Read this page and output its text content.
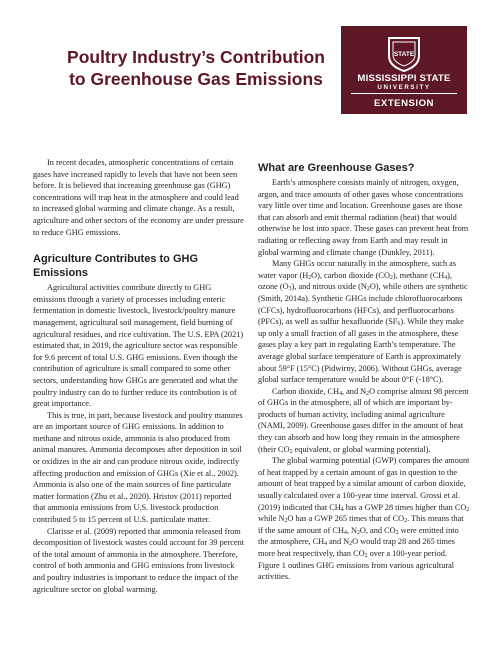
Poultry Industry’s Contribution
to Greenhouse Gas Emissions
STATE
MISSISSIPPI STATE
UNIVERSITY
EXTENSION

In recent decades, atmospheric concentrations of certain gases have increased rapidly to levels that have not been seen before. It is believed that increasing greenhouse gas (GHG) concentrations will trap heat in the atmosphere and could lead to increased global warming and climate change. As a result, agriculture and other sectors of the economy are under pressure to reduce GHG emissions.

Agriculture Contributes to GHG Emissions

Agricultural activities contribute directly to GHG emissions through a variety of processes including enteric fermentation in domestic livestock, livestock/poultry manure management, agricultural soil management, field burning of agricultural residues, and rice cultivation. The U.S. EPA (2021) estimated that, in 2019, the agriculture sector was responsible for 9.6 percent of total U.S. GHG emissions. Even though the contribution of agriculture is small compared to some other sectors, understanding how GHGs are generated and what the poultry industry can do to further reduce its contribution is of great importance.

This is true, in part, because livestock and poultry manures are an important source of GHG emissions. In addition to methane and nitrous oxide, ammonia is also produced from animal manures. Ammonia decomposes after deposition in soil or oxidizes in the air and can produce nitrous oxide, indirectly affecting production and emission of GHGs (Xie et al., 2002). Ammonia is also one of the main sources of fine particulate matter formation (Zhu et al., 2020). Hristov (2011) reported that ammonia emissions from U.S. livestock production contributed 5 to 15 percent of U.S. particulate matter.

Clarisse et al. (2009) reported that ammonia released from decomposition of livestock wastes could account for 39 percent of the total amount of ammonia in the atmosphere. Therefore, control of both ammonia and GHG emissions from livestock and poultry industries is important to reduce the impact of the agriculture sector on global warming.

What are Greenhouse Gases?

Earth’s atmosphere consists mainly of nitrogen, oxygen, argon, and trace amounts of other gases whose concentrations vary little over time and location. Greenhouse gases are those that can absorb and emit thermal radiation (heat) that would otherwise be lost into space. These gases can prevent heat from radiating or reflecting away from Earth and may result in global warming and climate change (Dunkley, 2011).

Many GHGs occur naturally in the atmosphere, such as water vapor $(H_2O)$, carbon dioxide $(CO_2)$, methane $(CH_4)$, ozone $(O_3)$, and nitrous oxide $(N_2O)$, while others are synthetic (Smith, 2014a). Synthetic GHGs include chlorofluorocarbons (CFCs), hydrofluorocarbons (HFCs), and perfluorocarbons (PFCs), as well as sulfur hexafluoride $(SF_6)$. While they make up only a small fraction of all gases in the atmosphere, these gases play a key part in regulating Earth’s temperature. The average global surface temperature of Earth is approximately about 59°F (15°C) (Pidwirny, 2006). Without GHGs, average global surface temperature would be about 0°F (-18°C).

Carbon dioxide, $CH_4$, and $N_2O$ comprise almost 98 percent of GHGs in the atmosphere, all of which are important by-products of human activity, including animal agriculture (NAMI, 2009). Greenhouse gases differ in the amount of heat they can absorb and how long they remain in the atmosphere (their $CO_2$ equivalent, or global warming potential).

The global warming potential (GWP) compares the amount of heat trapped by a certain amount of gas in question to the amount of heat trapped by a similar amount of carbon dioxide, usually calculated over a 100-year time interval. Grossi et al. (2019) indicated that $CH_4$ has a GWP 28 times higher than $CO_2$ while $N_2O$ has a GWP 265 times that of $CO_2$. This means that if the same amount of $CH_4$, $N_2O$, and $CO_2$ were emitted into the atmosphere, $CH_4$ and $N_2O$ would trap 28 and 265 times more heat respectively, than $CO_2$ over a 100-year period. Figure 1 outlines GHG emissions from various agricultural activities.
